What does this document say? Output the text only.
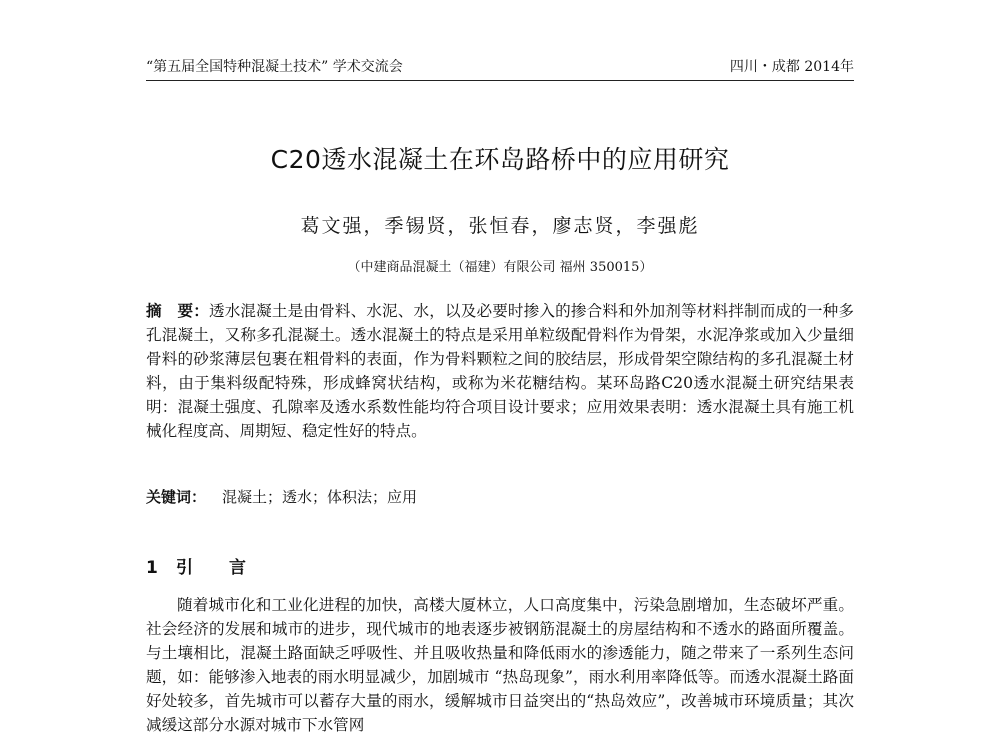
“第五届全国特种混凝土技术” 学术交流会	四川・成都 2014年
C20透水混凝土在环岛路桥中的应用研究
葛文强，季锡贤，张恒春，廖志贤，李强彪
（中建商品混凝土（福建）有限公司 福州 350015）
摘　要：透水混凝土是由骨料、水泥、水，以及必要时掺入的掺合料和外加剂等材料拌制而成的一种多孔混凝土，又称多孔混凝土。透水混凝土的特点是采用单粒级配骨料作为骨架，水泥净浆或加入少量细骨料的砂浆薄层包裹在粗骨料的表面，作为骨料颗粒之间的胶结层，形成骨架空隙结构的多孔混凝土材料，由于集料级配特殊，形成蜂窝状结构，或称为米花糖结构。某环岛路C20透水混凝土研究结果表明：混凝土强度、孔隙率及透水系数性能均符合项目设计要求；应用效果表明：透水混凝土具有施工机械化程度高、周期短、稳定性好的特点。
关键词： 混凝土；透水；体积法；应用
1 引言
随着城市化和工业化进程的加快，高楼大厦林立，人口高度集中，污染急剧增加，生态破坏严重。社会经济的发展和城市的进步，现代城市的地表逐步被钢筋混凝土的房屋结构和不透水的路面所覆盖。与土壤相比，混凝土路面缺乏呼吸性、并且吸收热量和降低雨水的渗透能力，随之带来了一系列生态问题，如：能够渗入地表的雨水明显减少，加剧城市 “热岛现象”，雨水利用率降低等。而透水混凝土路面好处较多，首先城市可以蓄存大量的雨水，缓解城市日益突出的“热岛效应”，改善城市环境质量；其次减缓这部分水源对城市下水管网
